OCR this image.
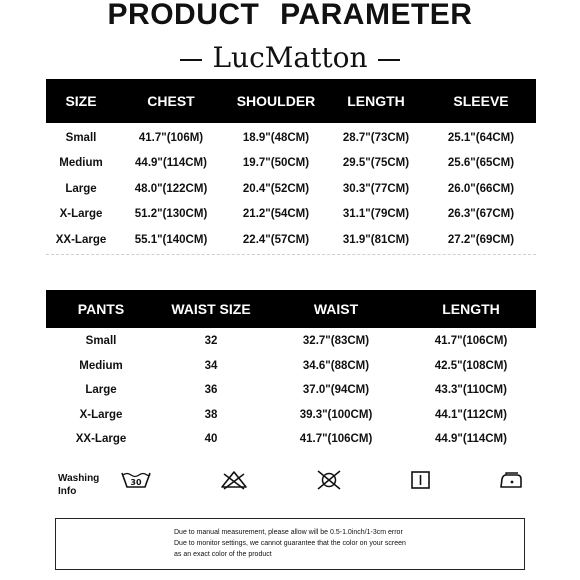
PRODUCT PARAMETER
LucMatton
SIZE	CHEST	SHOULDER	LENGTH	SLEEVE
Small	41.7"(106M)	18.9"(48CM)	28.7"(73CM)	25.1"(64CM)
Medium	44.9"(114CM)	19.7"(50CM)	29.5"(75CM)	25.6"(65CM)
Large	48.0"(122CM)	20.4"(52CM)	30.3"(77CM)	26.0"(66CM)
X-Large	51.2"(130CM)	21.2"(54CM)	31.1"(79CM)	26.3"(67CM)
XX-Large	55.1"(140CM)	22.4"(57CM)	31.9"(81CM)	27.2"(69CM)
PANTS	WAIST SIZE	WAIST	LENGTH
Small	32	32.7"(83CM)	41.7"(106CM)
Medium	34	34.6"(88CM)	42.5"(108CM)
Large	36	37.0"(94CM)	43.3"(110CM)
X-Large	38	39.3"(100CM)	44.1"(112CM)
XX-Large	40	41.7"(106CM)	44.9"(114CM)
Washing
Info
30
Due to manual measurement, please allow will be 0.5-1.0inch/1-3cm error
Due to monitor settings, we cannot guarantee that the color on your screen
as an exact color of the product
